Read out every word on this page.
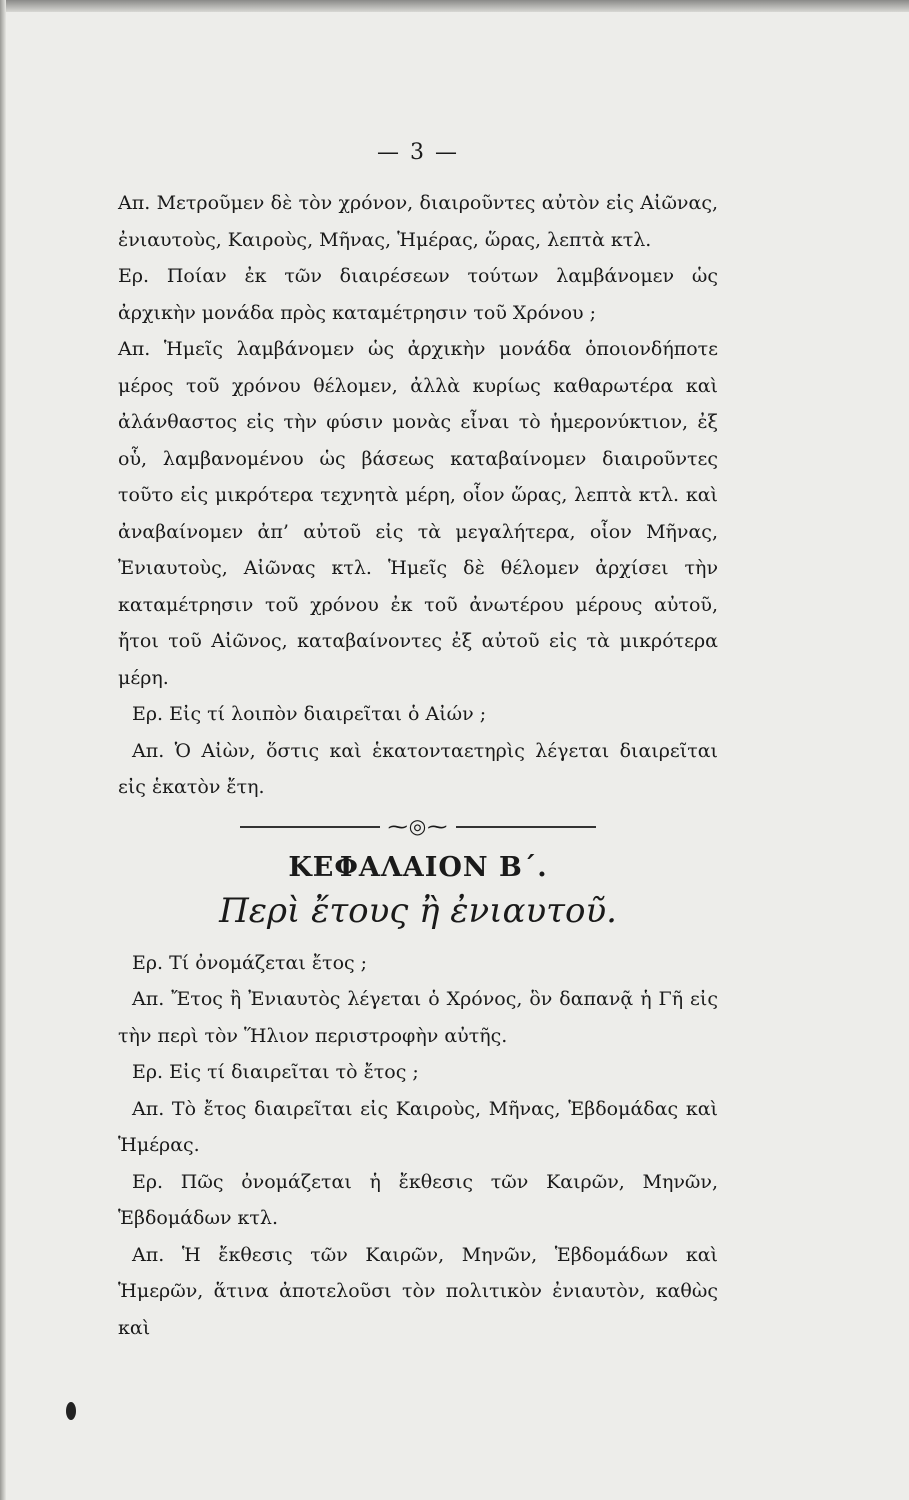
— 3 —

Απ. Μετροῦμεν δὲ τὸν χρόνον, διαιροῦντες αὐτὸν εἰς Αἰῶνας, ἐνιαυτοὺς, Καιροὺς, Μῆνας, Ἡμέρας, ὥρας, λεπτὰ κτλ.

Ερ. Ποίαν ἐκ τῶν διαιρέσεων τούτων λαμβάνομεν ὡς ἀρχικὴν μονάδα πρὸς καταμέτρησιν τοῦ Χρόνου ;

Απ. Ἡμεῖς λαμβάνομεν ὡς ἀρχικὴν μονάδα ὁποιονδήποτε μέρος τοῦ χρόνου θέλομεν, ἀλλὰ κυρίως καθαρωτέρα καὶ ἀλάνθαστος εἰς τὴν φύσιν μονὰς εἶναι τὸ ἡμερονύκτιον, ἐξ οὗ, λαμβανομένου ὡς βάσεως καταβαίνομεν διαιροῦντες τοῦτο εἰς μικρότερα τεχνητὰ μέρη, οἷον ὥρας, λεπτὰ κτλ. καὶ ἀναβαίνομεν ἀπ’ αὐτοῦ εἰς τὰ μεγαλήτερα, οἷον Μῆνας, Ἐνιαυτοὺς, Αἰῶνας κτλ. Ἡμεῖς δὲ θέλομεν ἀρχίσει τὴν καταμέτρησιν τοῦ χρόνου ἐκ τοῦ ἀνωτέρου μέρους αὐτοῦ, ἤτοι τοῦ Αἰῶνος, καταβαίνοντες ἐξ αὐτοῦ εἰς τὰ μικρότερα μέρη.

Ερ. Εἰς τί λοιπὸν διαιρεῖται ὁ Αἰών ;

Απ. Ὁ Αἰὼν, ὅστις καὶ ἑκατονταετηρὶς λέγεται διαιρεῖται εἰς ἑκατὸν ἔτη.

⁓◎⁓
ΚΕΦΑΛΑΙΟΝ Β΄.
Περὶ ἔτους ἢ ἐνιαυτοῦ.

Ερ. Τί ὀνομάζεται ἔτος ;

Απ. Ἔτος ἢ Ἐνιαυτὸς λέγεται ὁ Χρόνος, ὃν δαπανᾷ ἡ Γῆ εἰς τὴν περὶ τὸν Ἥλιον περιστροφὴν αὐτῆς.

Ερ. Εἰς τί διαιρεῖται τὸ ἔτος ;

Απ. Τὸ ἔτος διαιρεῖται εἰς Καιροὺς, Μῆνας, Ἑβδομάδας καὶ Ἡμέρας.

Ερ. Πῶς ὀνομάζεται ἡ ἔκθεσις τῶν Καιρῶν, Μηνῶν, Ἑβδομάδων κτλ.

Απ. Ἡ ἔκθεσις τῶν Καιρῶν, Μηνῶν, Ἑβδομάδων καὶ Ἡμερῶν, ἅτινα ἀποτελοῦσι τὸν πολιτικὸν ἐνιαυτὸν, καθὼς καὶ
